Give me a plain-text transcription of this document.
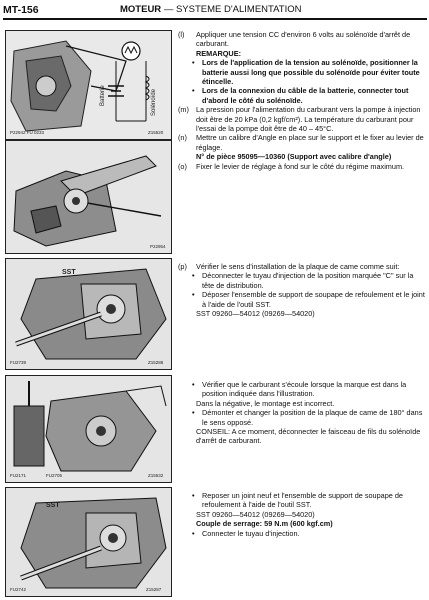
MT-156	MOTEUR — SYSTEME D'ALIMENTATION
Batterie	Solénoïde
P22942 FU 0233	Z15520
P22954
SST
FU2739	Z15286
FU2171	FU2705	Z15532
SST
FU2742	Z15287
(l) Appliquer une tension CC d'environ 6 volts au solénoïde d'arrêt de carburant.
REMARQUE:
• Lors de l'application de la tension au solénoïde, positionner la batterie aussi long que possible du solénoïde pour éviter toute étincelle.
• Lors de la connexion du câble de la batterie, connecter tout d'abord le côté du solénoïde.
(m) La pression pour l'alimentation du carburant vers la pompe à injection doit être de 20 kPa (0,2 kgf/cm²). La température du carburant pour l'essai de la pompe doit être de 40 – 45°C.
(n) Mettre un calibre d'Angle en place sur le support et le fixer au levier de réglage.
N° de pièce 95095—10360 (Support avec calibre d'angle)
(o) Fixer le levier de réglage à fond sur le côté du régime maximum.
(p) Vérifier le sens d'installation de la plaque de came comme suit:
• Déconnecter le tuyau d'injection de la position marquée "C" sur la tête de distribution.
• Déposer l'ensemble de support de soupape de refoulement et le joint à l'aide de l'outil SST.
SST 09260—54012 (09269—54020)
• Vérifier que le carburant s'écoule lorsque la marque est dans la position indiquée dans l'illustration.
Dans la négative, le montage est incorrect.
• Démonter et changer la position de la plaque de came de 180° dans le sens opposé.
CONSEIL: A ce moment, déconnecter le faisceau de fils du solénoïde d'arrêt de carburant.
• Reposer un joint neuf et l'ensemble de support de soupape de refoulement à l'aide de l'outil SST.
SST 09260—54012 (09269—54020)
Couple de serrage: 59 N.m (600 kgf.cm)
• Connecter le tuyau d'injection.
